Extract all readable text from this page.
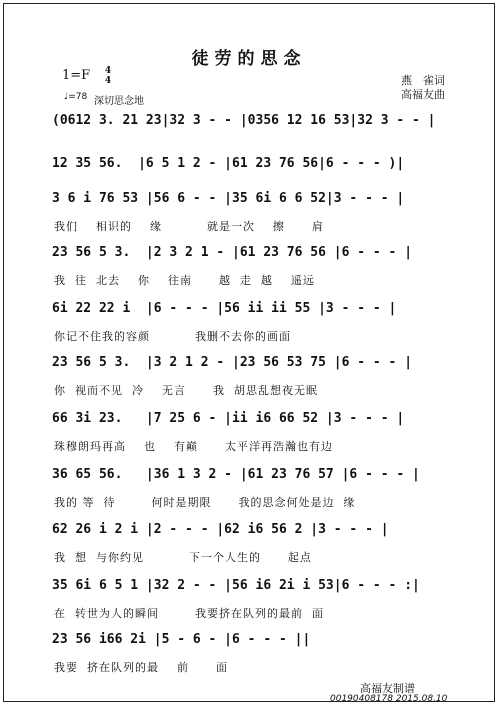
徒劳的思念
1=F	4
4
♩=78 深切思念地
燕　雀词
高福友曲
(0612 3. 21 23|32 3 - - |0356 12 16 53|32 3 - - |
12 35 56.  |6 5 1 2 - |61 23 76 56|6 - - - )|
3 6 i 76 53 |56 6 - - |35 6i 6 6 52|3 - - - |
我们    相识的    缘          就是一次    擦      肩
23 56 5 3.  |2 3 2 1 - |61 23 76 56 |6 - - - |
我  往  北去    你    往南      越  走  越    遥远
6i 22 22 i  |6 - - - |56 ii ii 55 |3 - - - |
你记不住我的容颜          我删不去你的画面
23 56 5 3.  |3 2 1 2 - |23 56 53 75 |6 - - - |
你  视而不见  冷    无言      我  胡思乱想夜无眠
66 3i 23.   |7 25 6 - |ii i6 66 52 |3 - - - |
珠穆朗玛再高    也    有巅      太平洋再浩瀚也有边
36 65 56.   |36 1 3 2 - |61 23 76 57 |6 - - - |
我的 等  待        何时是期限      我的思念何处是边  缘
62 26 i 2 i |2 - - - |62 i6 56 2 |3 - - - |
我  想  与你约见          下一个人生的      起点
35 6i 6 5 1 |32 2 - - |56 i6 2i i 53|6 - - - :|
在  转世为人的瞬间        我要挤在队列的最前  面
23 56 i66 2i |5 - 6 - |6 - - - ||
我要  挤在队列的最    前      面
高福友制谱
00190408178 2015.08.10
